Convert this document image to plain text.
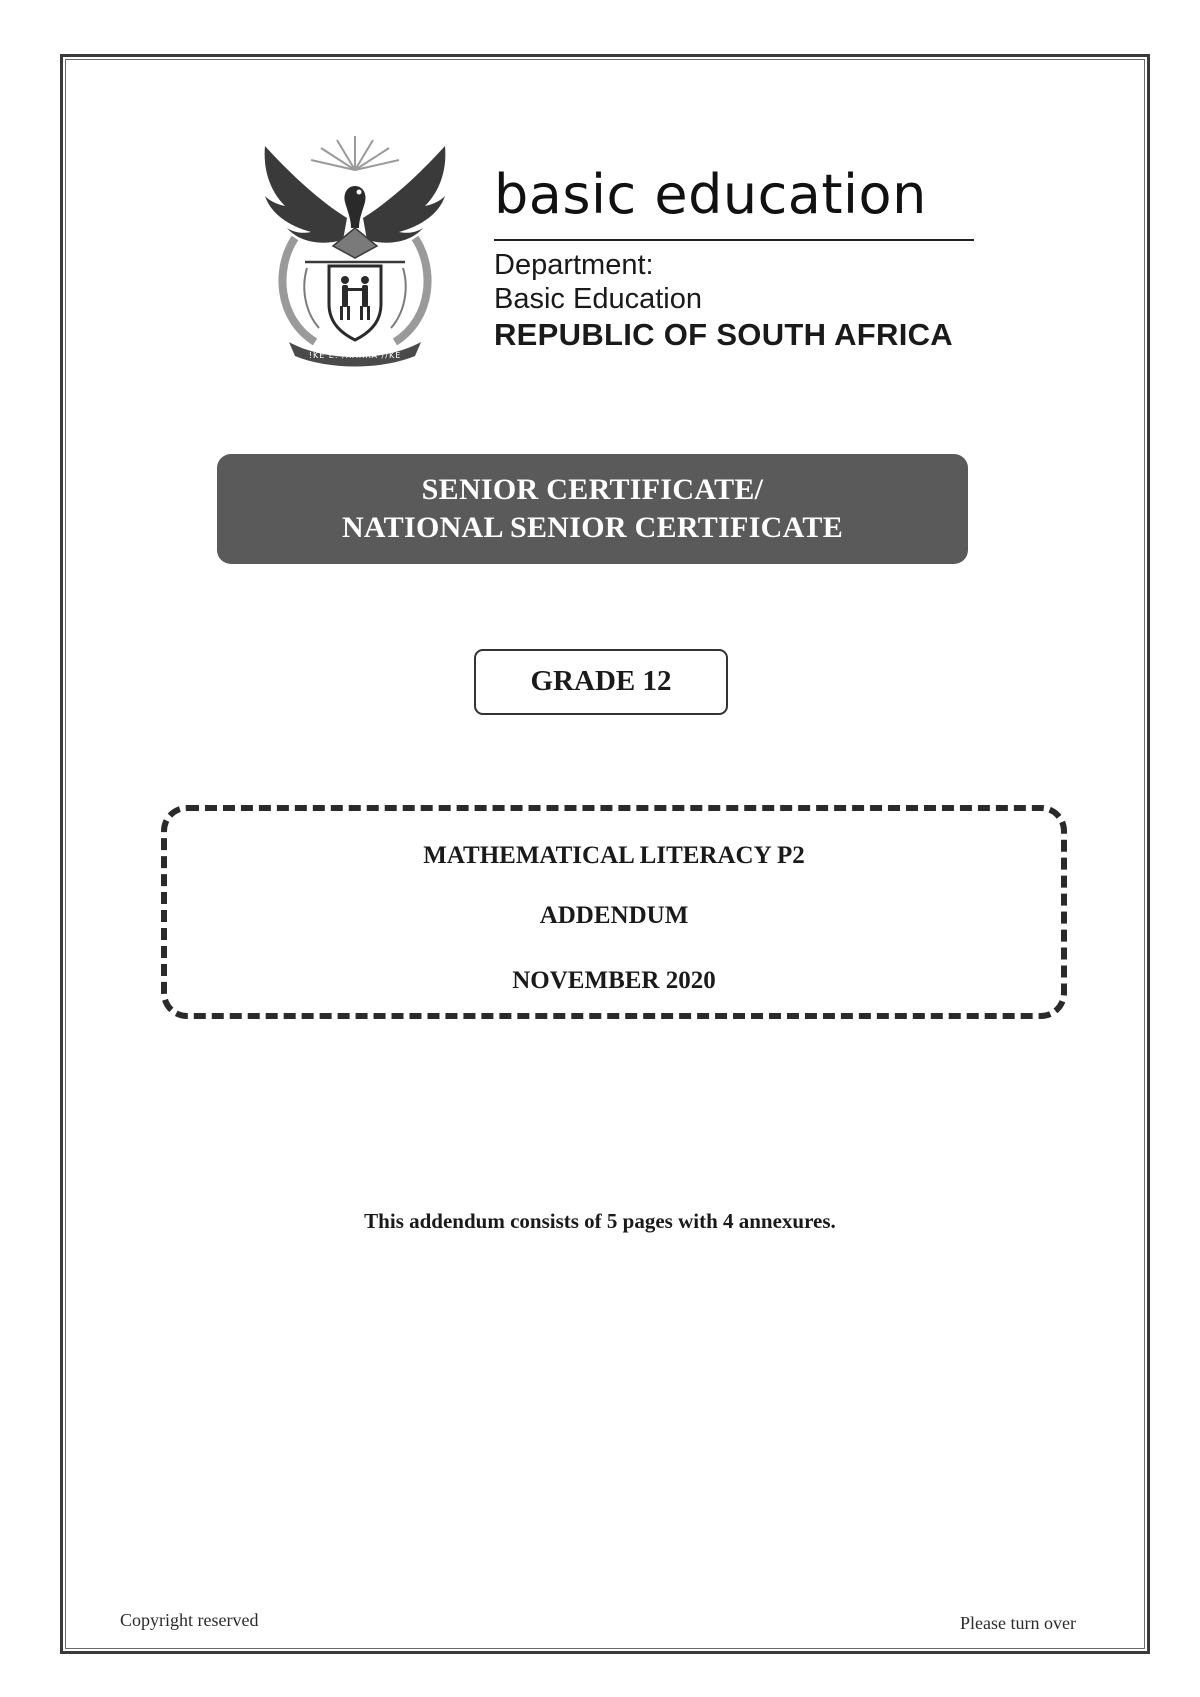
!KE E: /XARRA //KE
basic education
Department:
Basic Education
REPUBLIC OF SOUTH AFRICA
SENIOR CERTIFICATE/
NATIONAL SENIOR CERTIFICATE
GRADE 12
MATHEMATICAL LITERACY P2
ADDENDUM
NOVEMBER 2020
This addendum consists of 5 pages with 4 annexures.
Copyright reserved	Please turn over
